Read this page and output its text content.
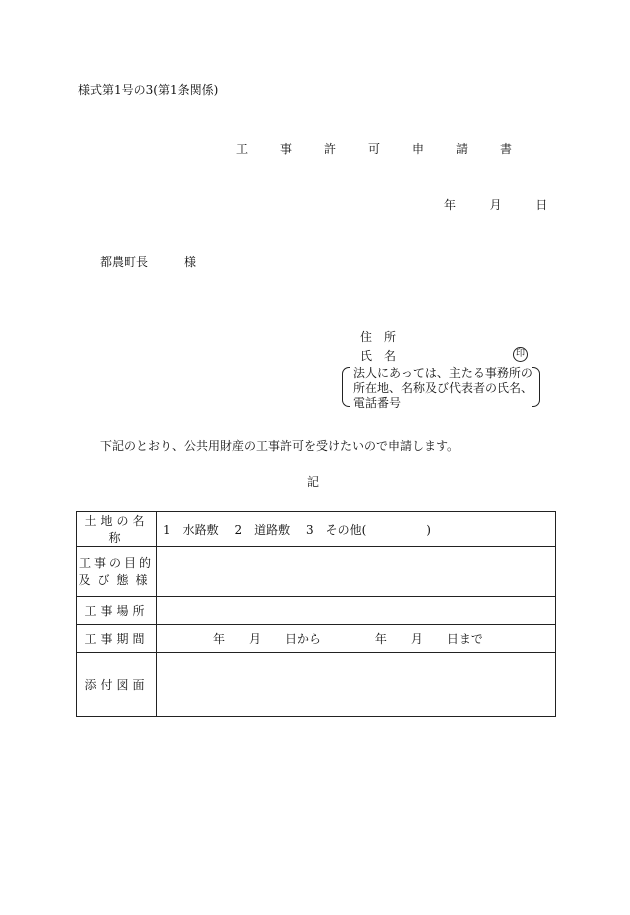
様式第1号の3(第1条関係)
工　事　許　可　申　請　書
年	月	日
都農町長	様
住　所
氏　名	印
法人にあっては、主たる事務所の
所在地、名称及び代表者の氏名、
電話番号
下記のとおり、公共用財産の工事許可を受けたいので申請します。
記
土地の名称	1　水路敷 2　道路敷 3　その他(　　　　　)

工事の目的
及び態様	

工事場所	
工事期間	年　　月　　日から 年　　月　　日まで
添付図面	
